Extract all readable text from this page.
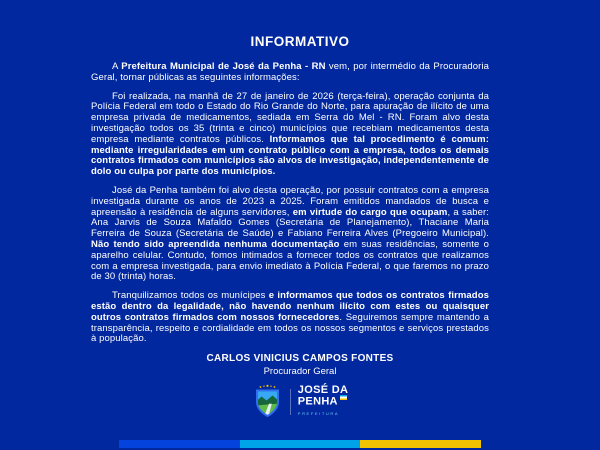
INFORMATIVO

A Prefeitura Municipal de José da Penha - RN vem, por intermédio da Procuradoria Geral, tornar públicas as seguintes informações:

Foi realizada, na manhã de 27 de janeiro de 2026 (terça-feira), operação conjunta da Polícia Federal em todo o Estado do Rio Grande do Norte, para apuração de ilícito de uma empresa privada de medicamentos, sediada em Serra do Mel - RN. Foram alvo desta investigação todos os 35 (trinta e cinco) municípios que recebiam medicamentos desta empresa mediante contratos públicos. Informamos que tal procedimento é comum: mediante irregularidades em um contrato público com a empresa, todos os demais contratos firmados com municípios são alvos de investigação, independentemente de dolo ou culpa por parte dos municípios.

José da Penha também foi alvo desta operação, por possuir contratos com a empresa investigada durante os anos de 2023 a 2025. Foram emitidos mandados de busca e apreensão à residência de alguns servidores, em virtude do cargo que ocupam, a saber: Ana Jarvis de Souza Mafaldo Gomes (Secretária de Planejamento), Thaciane Maria Ferreira de Souza (Secretária de Saúde) e Fabiano Ferreira Alves (Pregoeiro Municipal). Não tendo sido apreendida nenhuma documentação em suas residências, somente o aparelho celular. Contudo, fomos intimados a fornecer todos os contratos que realizamos com a empresa investigada, para envio imediato à Polícia Federal, o que faremos no prazo de 30 (trinta) horas.

Tranquilizamos todos os munícipes e informamos que todos os contratos firmados estão dentro da legalidade, não havendo nenhum ilícito com estes ou quaisquer outros contratos firmados com nossos fornecedores. Seguiremos sempre mantendo a transparência, respeito e cordialidade em todos os nossos segmentos e serviços prestados à população.

CARLOS VINICIUS CAMPOS FONTES
Procurador Geral
JOSÉ DA
PENHA
PREFEITURA
